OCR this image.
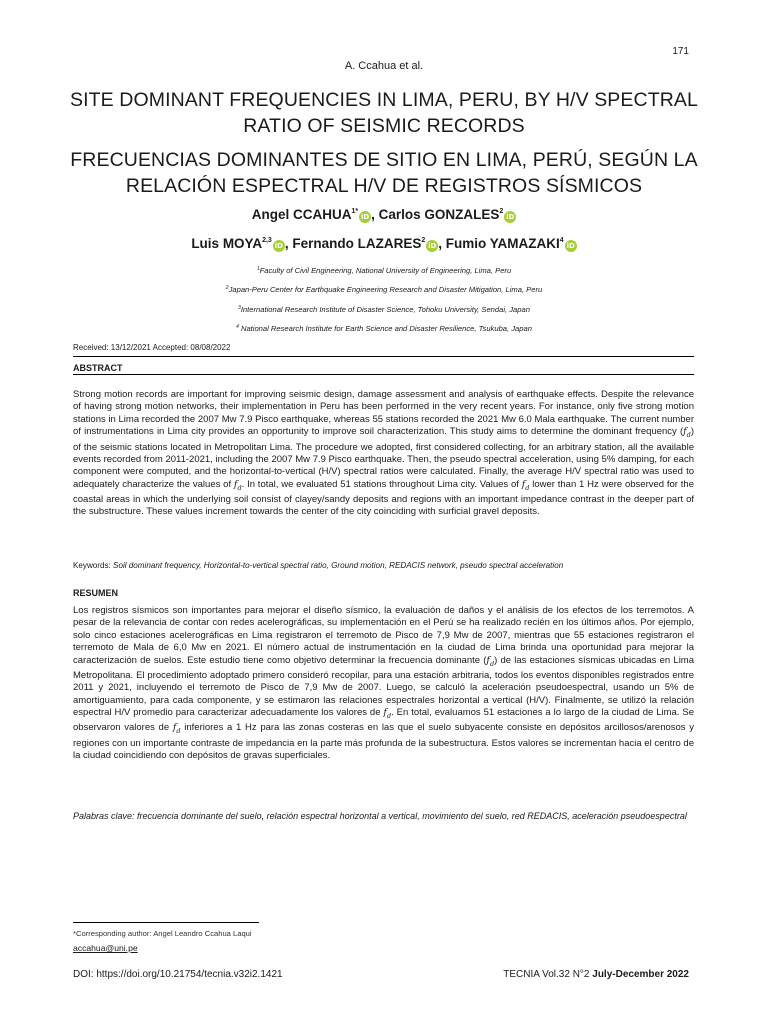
171
A. Ccahua et al.
SITE DOMINANT FREQUENCIES IN LIMA, PERU, BY H/V SPECTRAL
RATIO OF SEISMIC RECORDS
FRECUENCIAS DOMINANTES DE SITIO EN LIMA, PERÚ, SEGÚN LA
RELACIÓN ESPECTRAL H/V DE REGISTROS SÍSMICOS
Angel $CCAHUA^{1*}iD$ , Carlos GONZALES$^2$iD
Luis MOYA$^{2,3}$iD , Fernando LAZARES$^2$iD , Fumio YAMAZAKI$^4$iD
$^1$Faculty of Civil Engineering, National University of Engineering, Lima, Peru
$^2$Japan-Peru Center for Earthquake Engineering Research and Disaster Mitigation, Lima, Peru
$^3$International Research Institute of Disaster Science, Tohoku University, Sendai, Japan
$^4$ National Research Institute for Earth Science and Disaster Resilience, Tsukuba, Japan
Received: 13/12/2021 Accepted: 08/08/2022
ABSTRACT

Strong motion records are important for improving seismic design, damage assessment and analysis of earthquake effects. Despite the relevance of having strong motion networks, their implementation in Peru has been performed in the very recent years. For instance, only five strong motion stations in Lima recorded the 2007 Mw 7.9 Pisco earthquake, whereas 55 stations recorded the 2021 Mw 6.0 Mala earthquake. The current number of instrumentations in Lima city provides an opportunity to improve soil characterization. This study aims to determine the dominant frequency $(f_d)$ of the seismic stations located in Metropolitan Lima. The procedure we adopted, first considered collecting, for an arbitrary station, all the available events recorded from 2011-2021, including the 2007 Mw 7.9 Pisco earthquake. Then, the pseudo spectral acceleration, using 5% damping, for each component were computed, and the horizontal-to-vertical (H/V) spectral ratios were calculated. Finally, the average H/V spectral ratio was used to adequately characterize the values of $f_d$. In total, we evaluated 51 stations throughout Lima city. Values of $f_d$ lower than 1 Hz were observed for the coastal areas in which the underlying soil consist of clayey/sandy deposits and regions with an important impedance contrast in the deeper part of the substructure. These values increment towards the center of the city coinciding with surficial gravel deposits.

Keywords: Soil dominant frequency, Horizontal-to-vertical spectral ratio, Ground motion, REDACIS network, pseudo spectral acceleration
RESUMEN

Los registros sísmicos son importantes para mejorar el diseño sísmico, la evaluación de daños y el análisis de los efectos de los terremotos. A pesar de la relevancia de contar con redes acelerográficas, su implementación en el Perú se ha realizado recién en los últimos años. Por ejemplo, solo cinco estaciones acelerográficas en Lima registraron el terremoto de Pisco de 7,9 Mw de 2007, mientras que 55 estaciones registraron el terremoto de Mala de 6,0 Mw en 2021. El número actual de instrumentación en la ciudad de Lima brinda una oportunidad para mejorar la caracterización de suelos. Este estudio tiene como objetivo determinar la frecuencia dominante $(f_d)$ de las estaciones sísmicas ubicadas en Lima Metropolitana. El procedimiento adoptado primero consideró recopilar, para una estación arbitraria, todos los eventos disponibles registrados entre 2011 y 2021, incluyendo el terremoto de Pisco de 7,9 Mw de 2007. Luego, se calculó la aceleración pseudoespectral, usando un 5% de amortiguamiento, para cada componente, y se estimaron las relaciones espectrales horizontal a vertical (H/V). Finalmente, se utilizó la relación espectral H/V promedio para caracterizar adecuadamente los valores de $f_d$. En total, evaluamos 51 estaciones a lo largo de la ciudad de Lima. Se observaron valores de $f_d$ inferiores a 1 Hz para las zonas costeras en las que el suelo subyacente consiste en depósitos arcillosos/arenosos y regiones con un importante contraste de impedancia en la parte más profunda de la subestructura. Estos valores se incrementan hacia el centro de la ciudad coincidiendo con depósitos de gravas superficiales.

Palabras clave: frecuencia dominante del suelo, relación espectral horizontal a vertical, movimiento del suelo, red REDACIS, aceleración pseudoespectral
*Corresponding author: Angel Leandro Ccahua Laqui
accahua@uni.pe
DOI: https://doi.org/10.21754/tecnia.v32i2.1421	TECNIA Vol.32 N°2 July-December 2022
